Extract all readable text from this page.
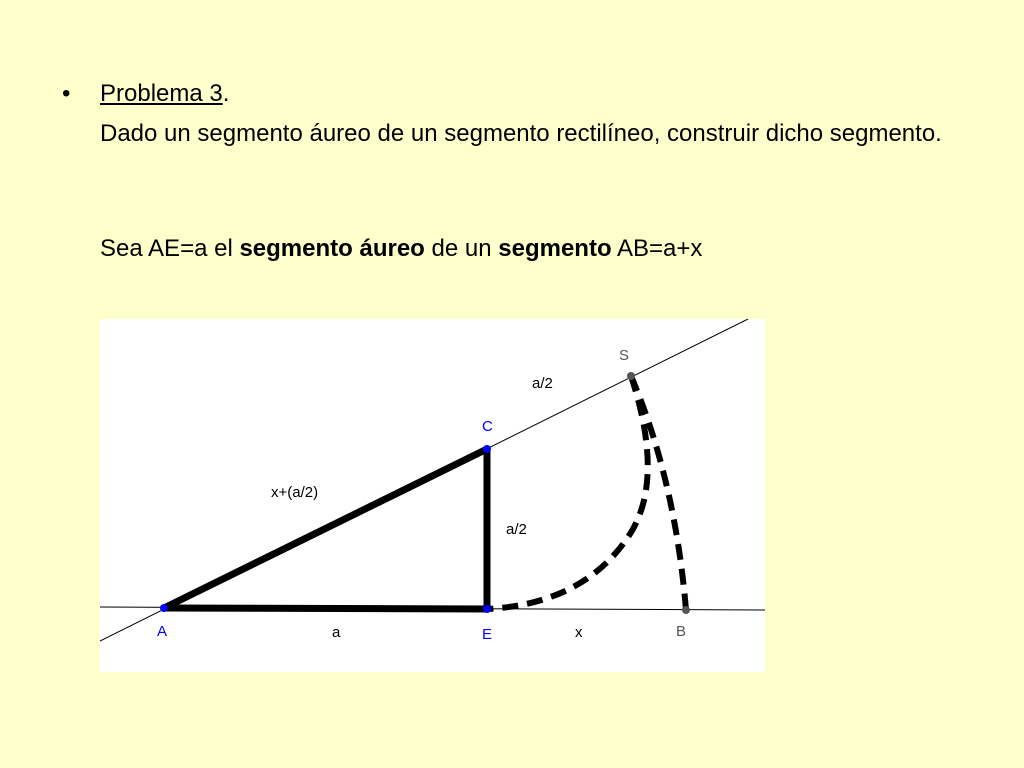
• Problema 3.
Dado un segmento áureo de un segmento rectilíneo, construir dicho segmento.
Sea AE=a el segmento áureo de un segmento AB=a+x
A	E
C
S
B
x+(a/2)
a/2
a/2
a	x
